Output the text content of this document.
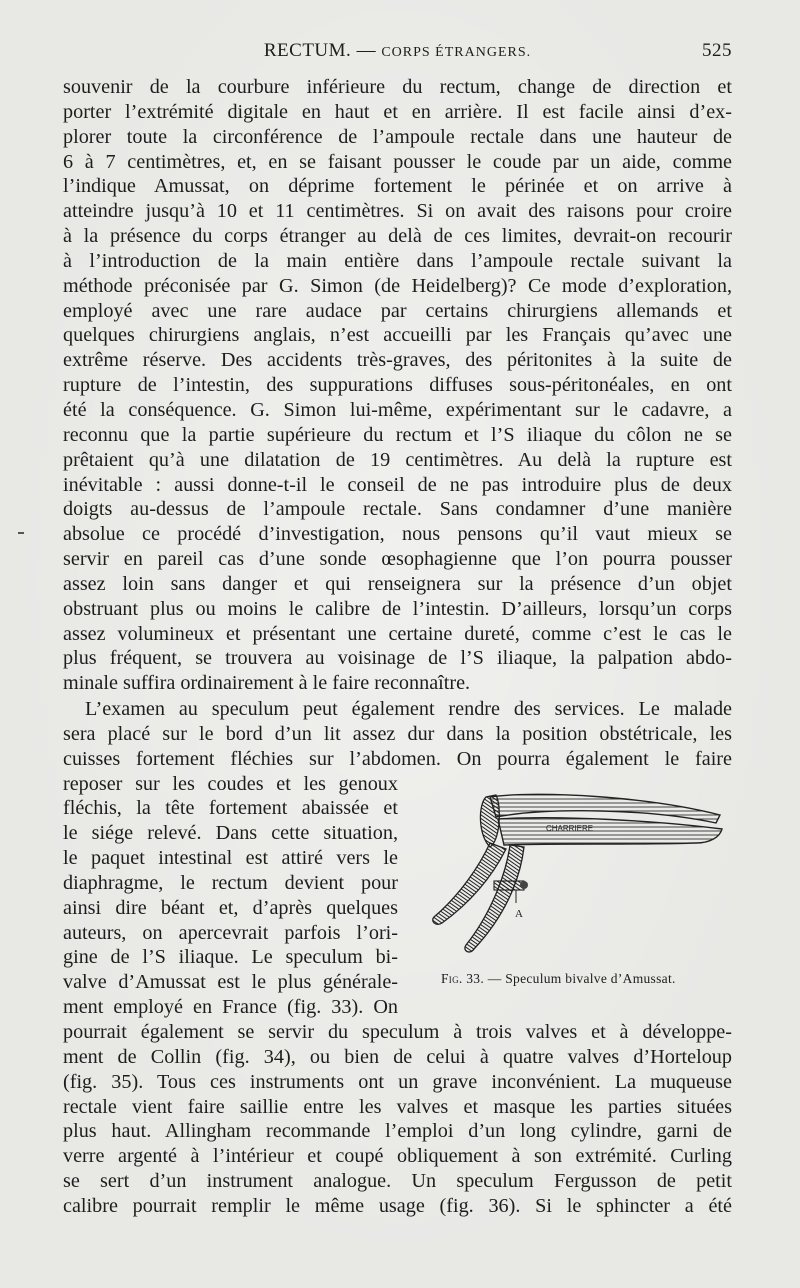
RECTUM. — CORPS ÉTRANGERS.	525
souvenir de la courbure inférieure du rectum, change de direction et
porter l’extrémité digitale en haut et en arrière. Il est facile ainsi d’ex-
plorer toute la circonférence de l’ampoule rectale dans une hauteur de
6 à 7 centimètres, et, en se faisant pousser le coude par un aide, comme
l’indique Amussat, on déprime fortement le périnée et on arrive à
atteindre jusqu’à 10 et 11 centimètres. Si on avait des raisons pour croire
à la présence du corps étranger au delà de ces limites, devrait-on recourir
à l’introduction de la main entière dans l’ampoule rectale suivant la
méthode préconisée par G. Simon (de Heidelberg)? Ce mode d’exploration,
employé avec une rare audace par certains chirurgiens allemands et
quelques chirurgiens anglais, n’est accueilli par les Français qu’avec une
extrême réserve. Des accidents très-graves, des péritonites à la suite de
rupture de l’intestin, des suppurations diffuses sous-péritonéales, en ont
été la conséquence. G. Simon lui-même, expérimentant sur le cadavre, a
reconnu que la partie supérieure du rectum et l’S iliaque du côlon ne se
prêtaient qu’à une dilatation de 19 centimètres. Au delà la rupture est
inévitable : aussi donne-t-il le conseil de ne pas introduire plus de deux
doigts au-dessus de l’ampoule rectale. Sans condamner d’une manière
absolue ce procédé d’investigation, nous pensons qu’il vaut mieux se
servir en pareil cas d’une sonde œsophagienne que l’on pourra pousser
assez loin sans danger et qui renseignera sur la présence d’un objet
obstruant plus ou moins le calibre de l’intestin. D’ailleurs, lorsqu’un corps
assez volumineux et présentant une certaine dureté, comme c’est le cas le
plus fréquent, se trouvera au voisinage de l’S iliaque, la palpation abdo-
minale suffira ordinairement à le faire reconnaître.
L’examen au speculum peut également rendre des services. Le malade
sera placé sur le bord d’un lit assez dur dans la position obstétricale, les
cuisses fortement fléchies sur l’abdomen. On pourra également le faire
reposer sur les coudes et les genoux
fléchis, la tête fortement abaissée et
le siége relevé. Dans cette situation,
le paquet intestinal est attiré vers le
diaphragme, le rectum devient pour
ainsi dire béant et, d’après quelques
auteurs, on apercevrait parfois l’ori-
gine de l’S iliaque. Le speculum bi-
valve d’Amussat est le plus générale-
ment employé en France (fig. 33). On
pourrait également se servir du speculum à trois valves et à développe-
ment de Collin (fig. 34), ou bien de celui à quatre valves d’Horteloup
(fig. 35). Tous ces instruments ont un grave inconvénient. La muqueuse
rectale vient faire saillie entre les valves et masque les parties situées
plus haut. Allingham recommande l’emploi d’un long cylindre, garni de
verre argenté à l’intérieur et coupé obliquement à son extrémité. Curling
se sert d’un instrument analogue. Un speculum Fergusson de petit
calibre pourrait remplir le même usage (fig. 36). Si le sphincter a été
CHARRIERE
A
Fig. 33. — Speculum bivalve d’Amussat.
